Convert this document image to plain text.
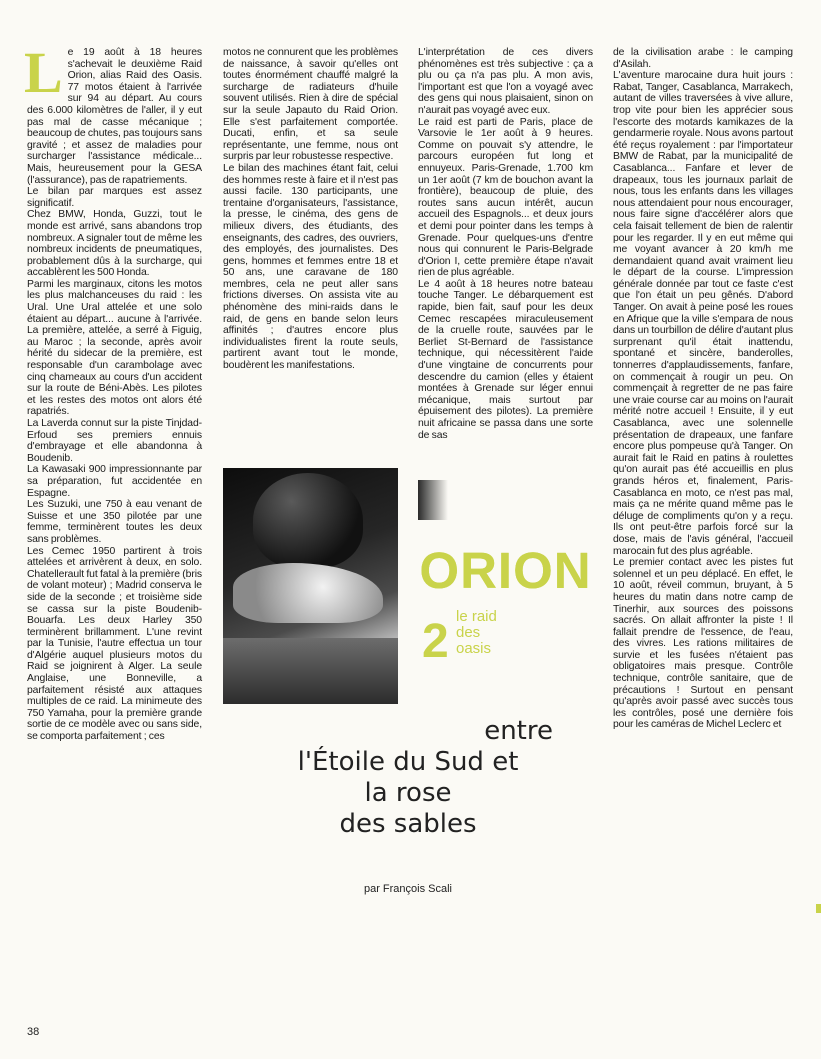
L e 19 août à 18 heures s'achevait le deuxième Raid Orion, alias Raid des Oasis. 77 motos étaient à l'arrivée sur 94 au départ. Au cours des 6.000 kilomètres de l'aller, il y eut pas mal de casse mécanique ; beaucoup de chutes, pas toujours sans gravité ; et assez de maladies pour surcharger l'assistance médicale... Mais, heureusement pour la GESA (l'assurance), pas de rapatriements.

Le bilan par marques est assez significatif.

Chez BMW, Honda, Guzzi, tout le monde est arrivé, sans abandons trop nombreux. A signaler tout de même les nombreux incidents de pneumatiques, probablement dûs à la surcharge, qui accablèrent les 500 Honda.

Parmi les marginaux, citons les motos les plus malchanceuses du raid : les Ural. Une Ural attelée et une solo étaient au départ... aucune à l'arrivée. La première, attelée, a serré à Figuig, au Maroc ; la seconde, après avoir hérité du sidecar de la première, est responsable d'un carambolage avec cinq chameaux au cours d'un accident sur la route de Béni-Abès. Les pilotes et les restes des motos ont alors été rapatriés.

La Laverda connut sur la piste Tinjdad-Erfoud ses premiers ennuis d'embrayage et elle abandonna à Boudenib.

La Kawasaki 900 impressionnante par sa préparation, fut accidentée en Espagne.

Les Suzuki, une 750 à eau venant de Suisse et une 350 pilotée par une femme, terminèrent toutes les deux sans problèmes.

Les Cemec 1950 partirent à trois attelées et arrivèrent à deux, en solo. Chatellerault fut fatal à la première (bris de volant moteur) ; Madrid conserva le side de la seconde ; et troisième side se cassa sur la piste Boudenib-Bouarfa. Les deux Harley 350 terminèrent brillamment. L'une revint par la Tunisie, l'autre effectua un tour d'Algérie auquel plusieurs motos du Raid se joignirent à Alger. La seule Anglaise, une Bonneville, a parfaitement résisté aux attaques multiples de ce raid. La minimeute des 750 Yamaha, pour la première grande sortie de ce modèle avec ou sans side, se comporta parfaitement ; ces

motos ne connurent que les problèmes de naissance, à savoir qu'elles ont toutes énormément chauffé malgré la surcharge de radiateurs d'huile souvent utilisés. Rien à dire de spécial sur la seule Japauto du Raid Orion. Elle s'est parfaitement comportée. Ducati, enfin, et sa seule représentante, une femme, nous ont surpris par leur robustesse respective.

Le bilan des machines étant fait, celui des hommes reste à faire et il n'est pas aussi facile. 130 participants, une trentaine d'organisateurs, l'assistance, la presse, le cinéma, des gens de milieux divers, des étudiants, des enseignants, des cadres, des ouvriers, des employés, des journalistes. Des gens, hommes et femmes entre 18 et 50 ans, une caravane de 180 membres, cela ne peut aller sans frictions diverses. On assista vite au phénomène des mini-raids dans le raid, de gens en bande selon leurs affinités ; d'autres encore plus individualistes firent la route seuls, partirent avant tout le monde, boudèrent les manifestations.

L'interprétation de ces divers phénomènes est très subjective : ça a plu ou ça n'a pas plu. A mon avis, l'important est que l'on a voyagé avec des gens qui nous plaisaient, sinon on n'aurait pas voyagé avec eux.

Le raid est parti de Paris, place de Varsovie le 1er août à 9 heures. Comme on pouvait s'y attendre, le parcours européen fut long et ennuyeux. Paris-Grenade, 1.700 km un 1er août (7 km de bouchon avant la frontière), beaucoup de pluie, des routes sans aucun intérêt, aucun accueil des Espagnols... et deux jours et demi pour pointer dans les temps à Grenade. Pour quelques-uns d'entre nous qui connurent le Paris-Belgrade d'Orion I, cette première étape n'avait rien de plus agréable.

Le 4 août à 18 heures notre bateau touche Tanger. Le débarquement est rapide, bien fait, sauf pour les deux Cemec rescapées miraculeusement de la cruelle route, sauvées par le Berliet St-Bernard de l'assistance technique, qui nécessitèrent l'aide d'une vingtaine de concurrents pour descendre du camion (elles y étaient montées à Grenade sur léger ennui mécanique, mais surtout par épuisement des pilotes). La première nuit africaine se passa dans une sorte de sas

de la civilisation arabe : le camping d'Asilah.

L'aventure marocaine dura huit jours : Rabat, Tanger, Casablanca, Marrakech, autant de villes traversées à vive allure, trop vite pour bien les apprécier sous l'escorte des motards kamikazes de la gendarmerie royale. Nous avons partout été reçus royalement : par l'importateur BMW de Rabat, par la municipalité de Casablanca... Fanfare et lever de drapeaux, tous les journaux parlait de nous, tous les enfants dans les villages nous attendaient pour nous encourager, nous faire signe d'accélérer alors que cela faisait tellement de bien de ralentir pour les regarder. Il y en eut même qui me voyant avancer à 20 km/h me demandaient quand avait vraiment lieu le départ de la course. L'impression générale donnée par tout ce faste c'est que l'on était un peu gênés. D'abord Tanger. On avait à peine posé les roues en Afrique que la ville s'empara de nous dans un tourbillon de délire d'autant plus surprenant qu'il était inattendu, spontané et sincère, banderolles, tonnerres d'applaudissements, fanfare, on commençait à rougir un peu. On commençait à regretter de ne pas faire une vraie course car au moins on l'aurait mérité notre accueil ! Ensuite, il y eut Casablanca, avec une solennelle présentation de drapeaux, une fanfare encore plus pompeuse qu'à Tanger. On aurait fait le Raid en patins à roulettes qu'on aurait pas été accueillis en plus grands héros et, finalement, Paris-Casablanca en moto, ce n'est pas mal, mais ça ne mérite quand même pas le déluge de compliments qu'on y a reçu. Ils ont peut-être parfois forcé sur la dose, mais de l'avis général, l'accueil marocain fut des plus agréable.

Le premier contact avec les pistes fut solennel et un peu déplacé. En effet, le 10 août, réveil commun, bruyant, à 5 heures du matin dans notre camp de Tinerhir, aux sources des poissons sacrés. On allait affronter la piste ! Il fallait prendre de l'essence, de l'eau, des vivres. Les rations militaires de survie et les fusées n'étaient pas obligatoires mais presque. Contrôle technique, contrôle sanitaire, que de précautions ! Surtout en pensant qu'après avoir passé avec succès tous les contrôles, posé une dernière fois pour les caméras de Michel Leclerc et

ORION
2 le raid
des
oasis
entre
l'Étoile du Sud et
la rose
des sables
par François Scali
38
